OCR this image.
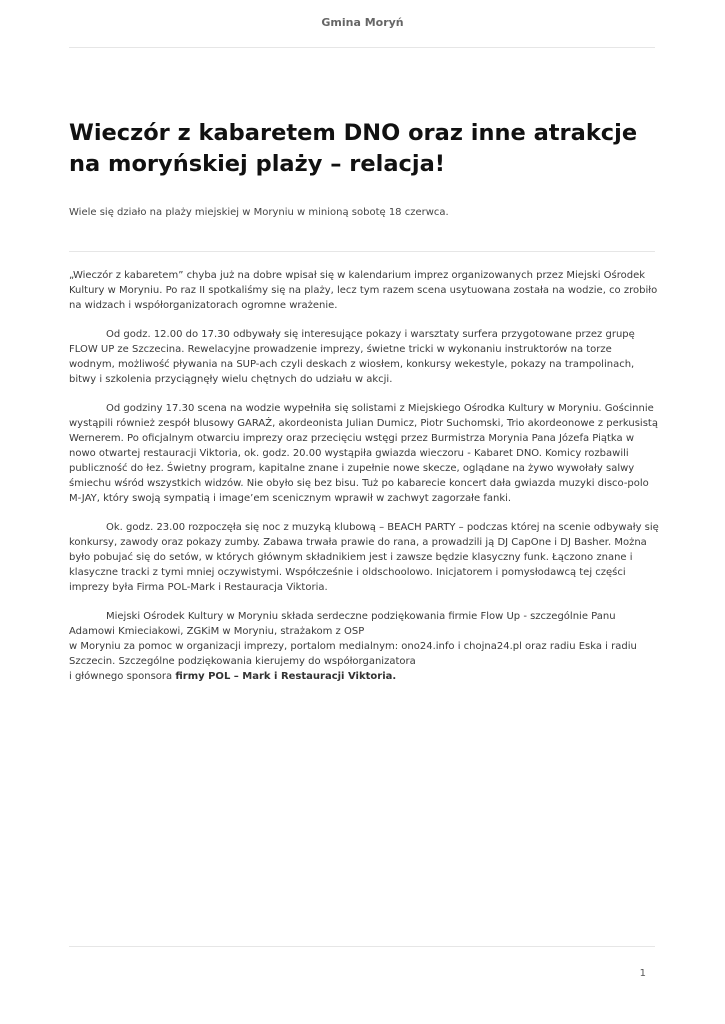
Gmina Moryń
Wieczór z kabaretem DNO oraz inne atrakcje na moryńskiej plaży – relacja!

Wiele się działo na plaży miejskiej w Moryniu w minioną sobotę 18 czerwca.

„Wieczór z kabaretem” chyba już na dobre wpisał się w kalendarium imprez organizowanych przez Miejski Ośrodek Kultury w Moryniu. Po raz II spotkaliśmy się na plaży, lecz tym razem scena usytuowana została na wodzie, co zrobiło na widzach i współorganizatorach ogromne wrażenie.

Od godz. 12.00 do 17.30 odbywały się interesujące pokazy i warsztaty surfera przygotowane przez grupę FLOW UP ze Szczecina. Rewelacyjne prowadzenie imprezy, świetne tricki w wykonaniu instruktorów na torze wodnym, możliwość pływania na SUP-ach czyli deskach z wiosłem, konkursy wekestyle, pokazy na trampolinach, bitwy i szkolenia przyciągnęły wielu chętnych do udziału w akcji.

Od godziny 17.30 scena na wodzie wypełniła się solistami z Miejskiego Ośrodka Kultury w Moryniu. Gościnnie wystąpili również zespół blusowy GARAŻ, akordeonista Julian Dumicz, Piotr Suchomski, Trio akordeonowe z perkusistą Wernerem. Po oficjalnym otwarciu imprezy oraz przecięciu wstęgi przez Burmistrza Morynia Pana Józefa Piątka w nowo otwartej restauracji Viktoria, ok. godz. 20.00 wystąpiła gwiazda wieczoru - Kabaret DNO. Komicy rozbawili publiczność do łez. Świetny program, kapitalne znane i zupełnie nowe skecze, oglądane na żywo wywołały salwy śmiechu wśród wszystkich widzów. Nie obyło się bez bisu. Tuż po kabarecie koncert dała gwiazda muzyki disco-polo M-JAY, który swoją sympatią i image’em scenicznym wprawił w zachwyt zagorzałe fanki.

Ok. godz. 23.00 rozpoczęła się noc z muzyką klubową – BEACH PARTY – podczas której na scenie odbywały się konkursy, zawody oraz pokazy zumby. Zabawa trwała prawie do rana, a prowadzili ją DJ CapOne i DJ Basher. Można było pobujać się do setów, w których głównym składnikiem jest i zawsze będzie klasyczny funk. Łączono znane i klasyczne tracki z tymi mniej oczywistymi. Współcześnie i oldschoolowo. Inicjatorem i pomysłodawcą tej części imprezy była Firma POL-Mark i Restauracja Viktoria.

Miejski Ośrodek Kultury w Moryniu składa serdeczne podziękowania firmie Flow Up - szczególnie Panu Adamowi Kmieciakowi, ZGKiM w Moryniu, strażakom z OSP
w Moryniu za pomoc w organizacji imprezy, portalom medialnym: ono24.info i chojna24.pl oraz radiu Eska i radiu Szczecin. Szczególne podziękowania kierujemy do współorganizatora
i głównego sponsora firmy POL – Mark i Restauracji Viktoria.

1
